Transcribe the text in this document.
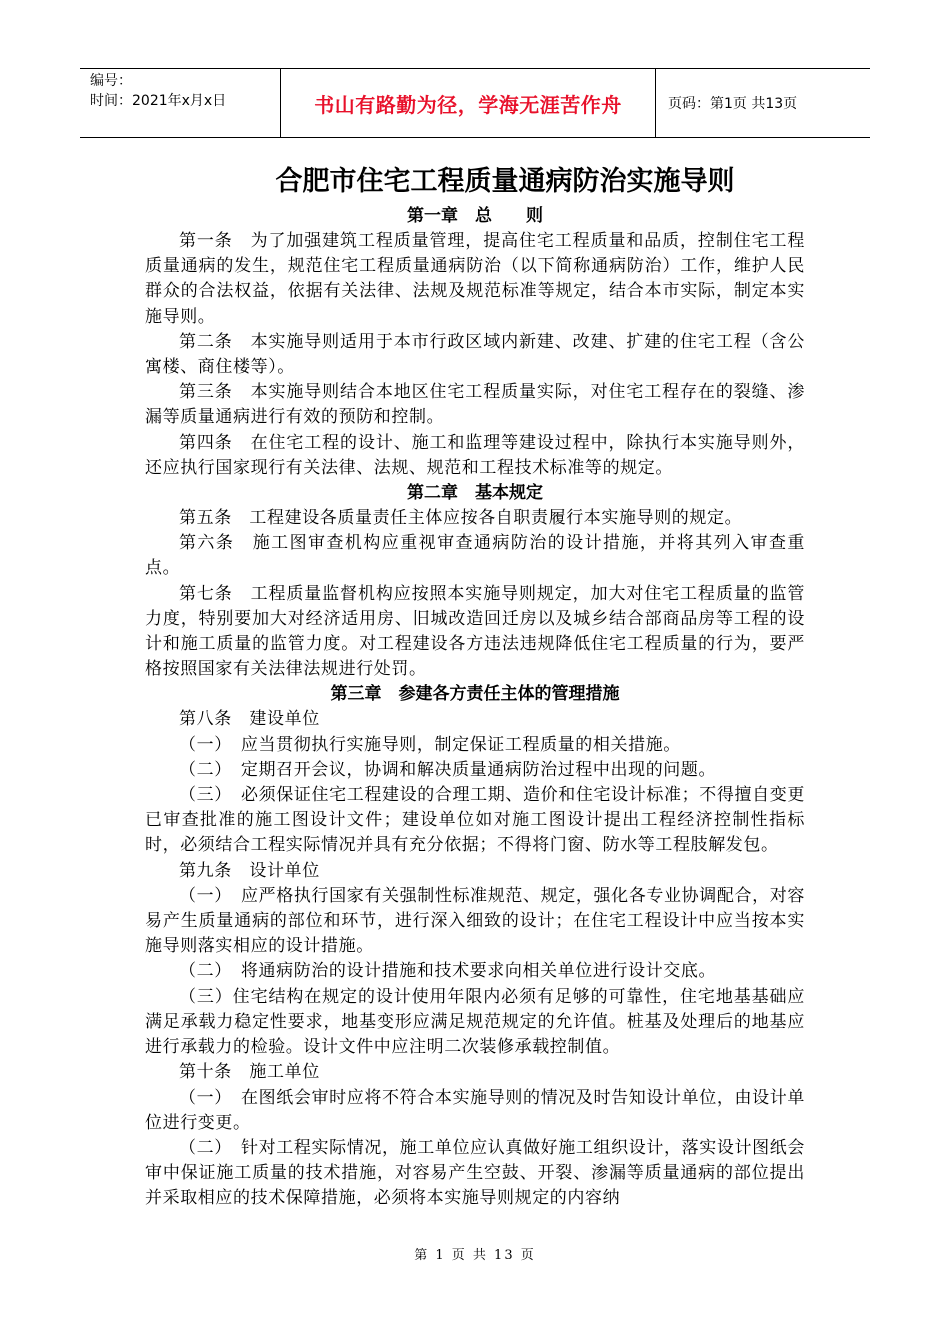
编号：
时间：2021年x月x日	书山有路勤为径，学海无涯苦作舟	页码：第1页 共13页
合肥市住宅工程质量通病防治实施导则
第一章　总　　则

第一条　为了加强建筑工程质量管理，提高住宅工程质量和品质，控制住宅工程质量通病的发生，规范住宅工程质量通病防治（以下简称通病防治）工作，维护人民群众的合法权益，依据有关法律、法规及规范标准等规定，结合本市实际，制定本实施导则。

第二条　本实施导则适用于本市行政区域内新建、改建、扩建的住宅工程（含公寓楼、商住楼等）。

第三条　本实施导则结合本地区住宅工程质量实际，对住宅工程存在的裂缝、渗漏等质量通病进行有效的预防和控制。

第四条　在住宅工程的设计、施工和监理等建设过程中，除执行本实施导则外，还应执行国家现行有关法律、法规、规范和工程技术标准等的规定。

第二章　基本规定

第五条　工程建设各质量责任主体应按各自职责履行本实施导则的规定。

第六条　施工图审查机构应重视审查通病防治的设计措施，并将其列入审查重点。

第七条　工程质量监督机构应按照本实施导则规定，加大对住宅工程质量的监管力度，特别要加大对经济适用房、旧城改造回迁房以及城乡结合部商品房等工程的设计和施工质量的监管力度。对工程建设各方违法违规降低住宅工程质量的行为，要严格按照国家有关法律法规进行处罚。

第三章　参建各方责任主体的管理措施

第八条　建设单位

（一）　应当贯彻执行实施导则，制定保证工程质量的相关措施。

（二）　定期召开会议，协调和解决质量通病防治过程中出现的问题。

（三）　必须保证住宅工程建设的合理工期、造价和住宅设计标准；不得擅自变更已审查批准的施工图设计文件；建设单位如对施工图设计提出工程经济控制性指标时，必须结合工程实际情况并具有充分依据；不得将门窗、防水等工程肢解发包。

第九条　设计单位

（一）　应严格执行国家有关强制性标准规范、规定，强化各专业协调配合，对容易产生质量通病的部位和环节，进行深入细致的设计；在住宅工程设计中应当按本实施导则落实相应的设计措施。

（二）　将通病防治的设计措施和技术要求向相关单位进行设计交底。

（三）住宅结构在规定的设计使用年限内必须有足够的可靠性，住宅地基基础应满足承载力稳定性要求，地基变形应满足规范规定的允许值。桩基及处理后的地基应进行承载力的检验。设计文件中应注明二次装修承载控制值。

第十条　施工单位

（一）　在图纸会审时应将不符合本实施导则的情况及时告知设计单位，由设计单位进行变更。

（二）　针对工程实际情况，施工单位应认真做好施工组织设计，落实设计图纸会审中保证施工质量的技术措施，对容易产生空鼓、开裂、渗漏等质量通病的部位提出并采取相应的技术保障措施，必须将本实施导则规定的内容纳

第 1 页 共 13 页
